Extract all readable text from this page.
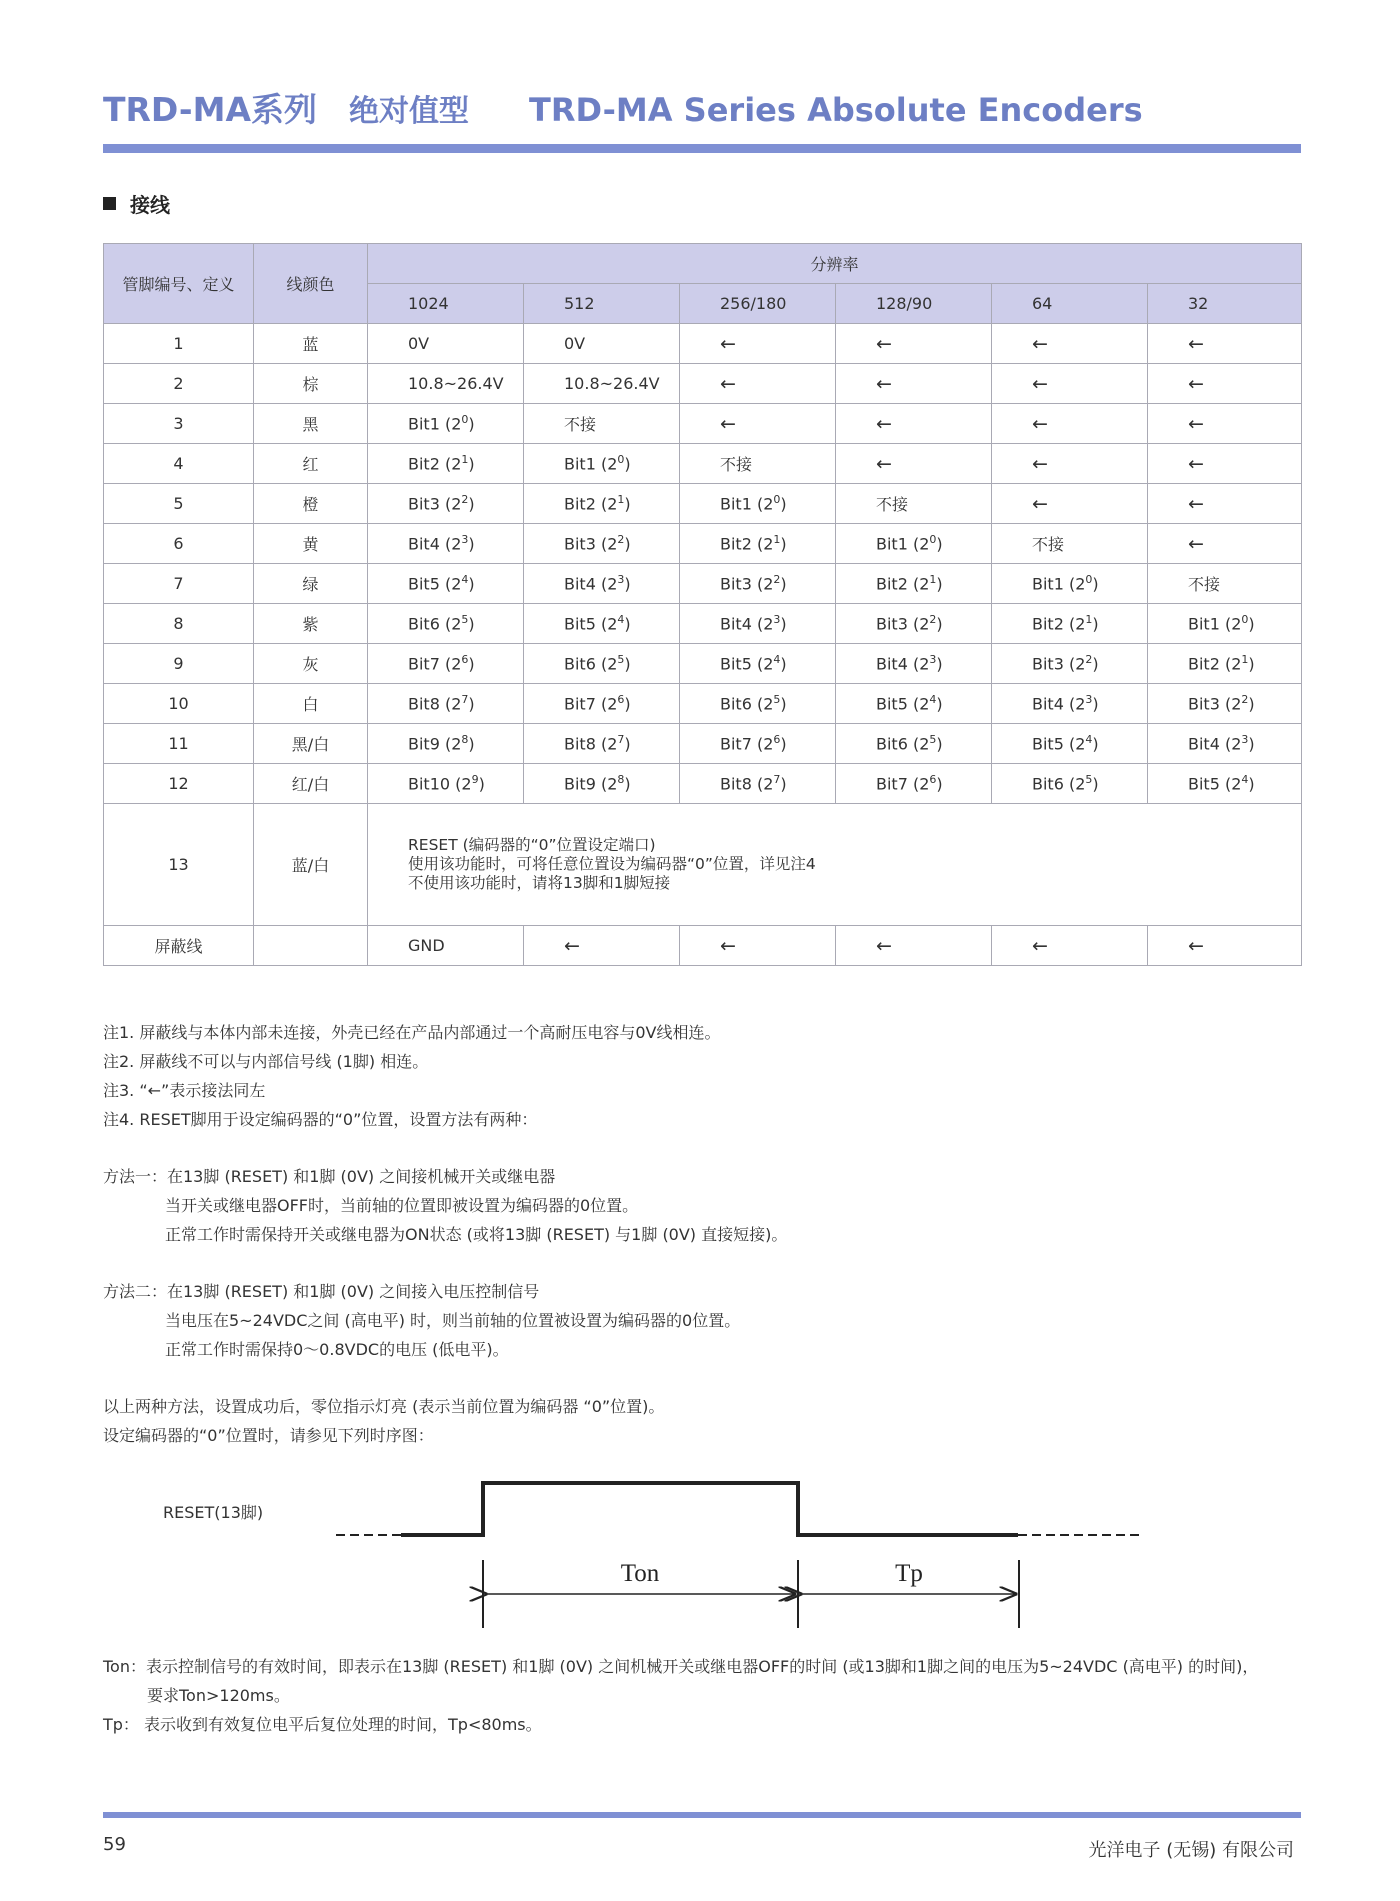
TRD-MA系列 绝对值型 TRD-MA Series Absolute Encoders
接线
管脚编号、定义	线颜色	分辨率					
		1024	512	256/180	128/90	64	32
1	蓝	0V	0V	←	←	←	←
2	棕	10.8~26.4V	10.8~26.4V	←	←	←	←
3	黑	Bit1 $(2^0)$	不接	←	←	←	←
4	红	Bit2 $(2^1)$	Bit1 $(2^0)$	不接	←	←	←
5	橙	Bit3 $(2^2)$	Bit2 $(2^1)$	Bit1 $(2^0)$	不接	←	←
6	黄	Bit4 $(2^3)$	Bit3 $(2^2)$	Bit2 $(2^1)$	Bit1 $(2^0)$	不接	←
7	绿	Bit5 $(2^4)$	Bit4 $(2^3)$	Bit3 $(2^2)$	Bit2 $(2^1)$	Bit1 $(2^0)$	不接
8	紫	Bit6 $(2^5)$	Bit5 $(2^4)$	Bit4 $(2^3)$	Bit3 $(2^2)$	Bit2 $(2^1)$	Bit1 $(2^0)$
9	灰	Bit7 $(2^6)$	Bit6 $(2^5)$	Bit5 $(2^4)$	Bit4 $(2^3)$	Bit3 $(2^2)$	Bit2 $(2^1)$
10	白	Bit8 $(2^7)$	Bit7 $(2^6)$	Bit6 $(2^5)$	Bit5 $(2^4)$	Bit4 $(2^3)$	Bit3 $(2^2)$
11	黑/白	Bit9 $(2^8)$	Bit8 $(2^7)$	Bit7 $(2^6)$	Bit6 $(2^5)$	Bit5 $(2^4)$	Bit4 $(2^3)$
12	红/白	Bit10 $(2^9)$	Bit9 $(2^8)$	Bit8 $(2^7)$	Bit7 $(2^6)$	Bit6 $(2^5)$	Bit5 $(2^4)$
13	蓝/白	RESET (编码器的“0”位置设定端口)
使用该功能时，可将任意位置设为编码器“0”位置，详见注4
不使用该功能时，请将13脚和1脚短接					

屏蔽线		GND	←	←	←	←	←
注1. 屏蔽线与本体内部未连接，外壳已经在产品内部通过一个高耐压电容与0V线相连。
注2. 屏蔽线不可以与内部信号线 (1脚) 相连。
注3. “←”表示接法同左
注4. RESET脚用于设定编码器的“0”位置，设置方法有两种：
方法一：在13脚 (RESET) 和1脚 (0V) 之间接机械开关或继电器
当开关或继电器OFF时，当前轴的位置即被设置为编码器的0位置。
正常工作时需保持开关或继电器为ON状态 (或将13脚 (RESET) 与1脚 (0V) 直接短接)。
方法二：在13脚 (RESET) 和1脚 (0V) 之间接入电压控制信号
当电压在5~24VDC之间 (高电平) 时，则当前轴的位置被设置为编码器的0位置。
正常工作时需保持0～0.8VDC的电压 (低电平)。
以上两种方法，设置成功后，零位指示灯亮 (表示当前位置为编码器 “0”位置)。
设定编码器的“0”位置时，请参见下列时序图：
RESET(13脚)
Ton	Tp
Ton：表示控制信号的有效时间，即表示在13脚 (RESET) 和1脚 (0V) 之间机械开关或继电器OFF的时间 (或13脚和1脚之间的电压为5~24VDC (高电平) 的时间)，
要求Ton>120ms。
Tp： 表示收到有效复位电平后复位处理的时间，Tp<80ms。
59	光洋电子 (无锡) 有限公司
